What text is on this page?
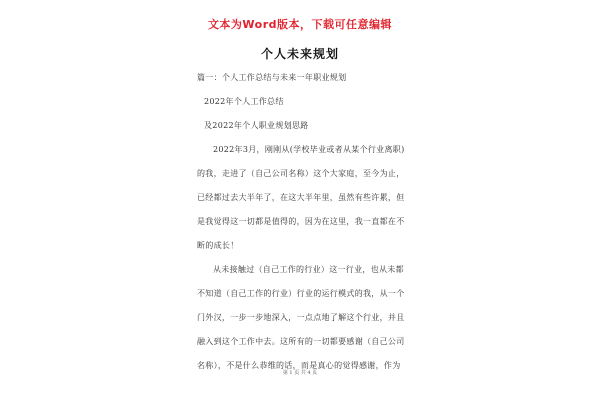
文本为Word版本，下载可任意编辑
个人未来规划
篇一：个人工作总结与未来一年职业规划
2022年个人工作总结
及2022年个人职业规划思路
2022年3月，刚刚从(学校毕业或者从某个行业离职)
的我，走进了（自己公司名称）这个大家庭，至今为止，
已经都过去大半年了，在这大半年里，虽然有些许累，但
是我觉得这一切都是值得的，因为在这里，我一直都在不
断的成长！
从未接触过（自己工作的行业）这一行业，也从未都
不知道（自己工作的行业）行业的运行模式的我，从一个
门外汉，一步一步地深入，一点点地了解这个行业，并且
融入到这个工作中去。这所有的一切都要感谢（自己公司
名称），不是什么恭维的话，而是真心的觉得感谢，作为
第 1 页 共 4 页
